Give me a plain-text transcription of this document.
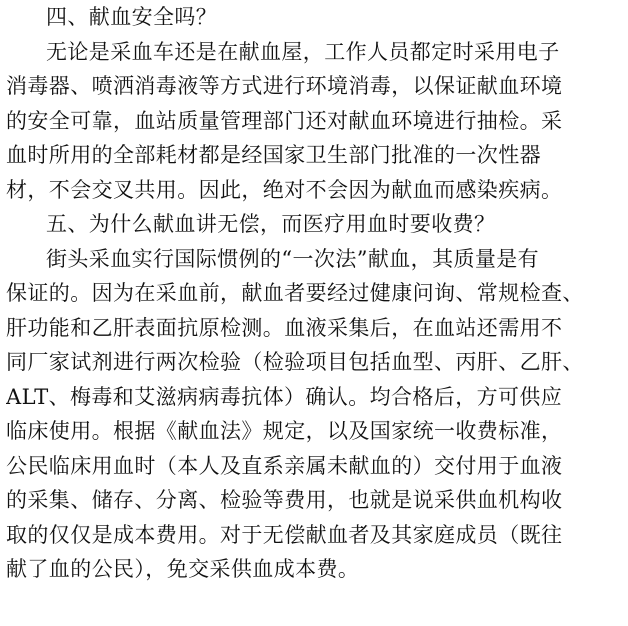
四、献血安全吗？
无论是采血车还是在献血屋，工作人员都定时采用电子
消毒器、喷洒消毒液等方式进行环境消毒，以保证献血环境
的安全可靠，血站质量管理部门还对献血环境进行抽检。采
血时所用的全部耗材都是经国家卫生部门批准的一次性器
材，不会交叉共用。因此，绝对不会因为献血而感染疾病。
五、为什么献血讲无偿，而医疗用血时要收费？
街头采血实行国际惯例的“一次法”献血，其质量是有
保证的。因为在采血前，献血者要经过健康问询、常规检查、
肝功能和乙肝表面抗原检测。血液采集后，在血站还需用不
同厂家试剂进行两次检验（检验项目包括血型、丙肝、乙肝、
ALT、梅毒和艾滋病病毒抗体）确认。均合格后，方可供应
临床使用。根据《献血法》规定，以及国家统一收费标准，
公民临床用血时（本人及直系亲属未献血的）交付用于血液
的采集、储存、分离、检验等费用，也就是说采供血机构收
取的仅仅是成本费用。对于无偿献血者及其家庭成员（既往
献了血的公民），免交采供血成本费。
